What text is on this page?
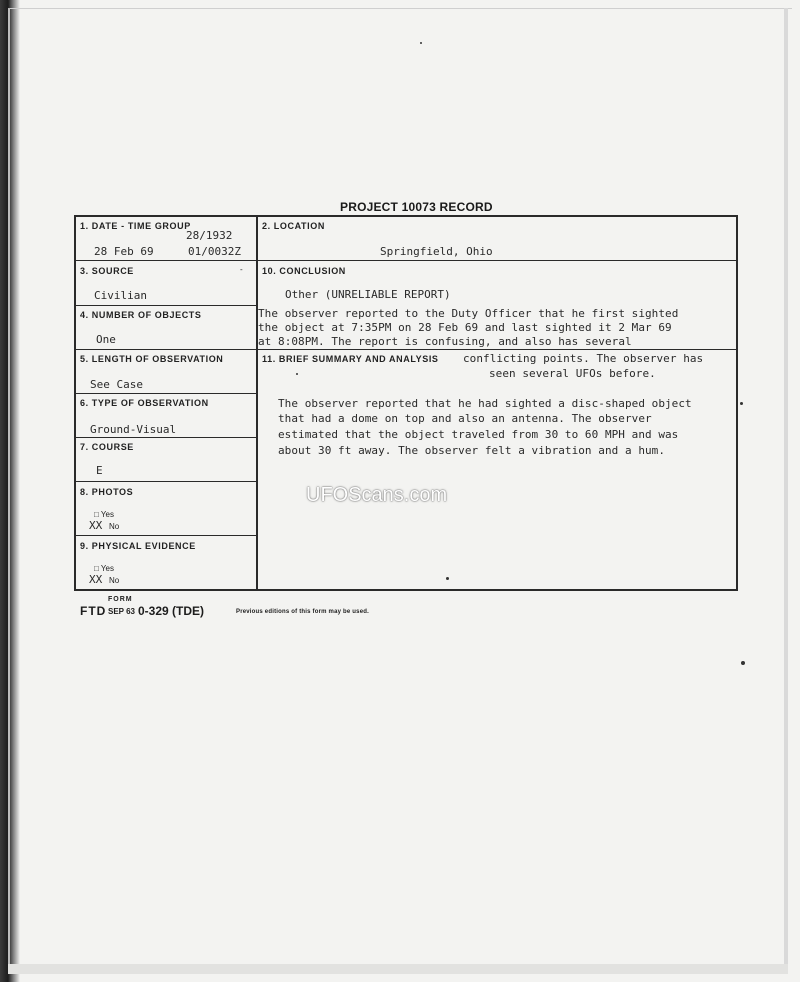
PROJECT 10073 RECORD
1. DATE - TIME GROUP
28/1932
28 Feb 69	01/0032Z
2. LOCATION
Springfield, Ohio
3. SOURCE	-
Civilian
4. NUMBER OF OBJECTS
One
5. LENGTH OF OBSERVATION
See Case
6. TYPE OF OBSERVATION
Ground-Visual
7. COURSE
E
8. PHOTOS
□ Yes
XX No
9. PHYSICAL EVIDENCE
□ Yes
XX No
10. CONCLUSION
Other (UNRELIABLE REPORT)
The observer reported to the Duty Officer that he first sighted
the object at 7:35PM on 28 Feb 69 and last sighted it 2 Mar 69
at 8:08PM. The report is confusing, and also has several
11. BRIEF SUMMARY AND ANALYSIS conflicting points. The observer has
seen several UFOs before.
The observer reported that he had sighted a disc-shaped object
that had a dome on top and also an antenna. The observer
estimated that the object traveled from 30 to 60 MPH and was
about 30 ft away. The observer felt a vibration and a hum.
UFOScans.com
FORM
FTD SEP 63 0-329 (TDE)	Previous editions of this form may be used.
